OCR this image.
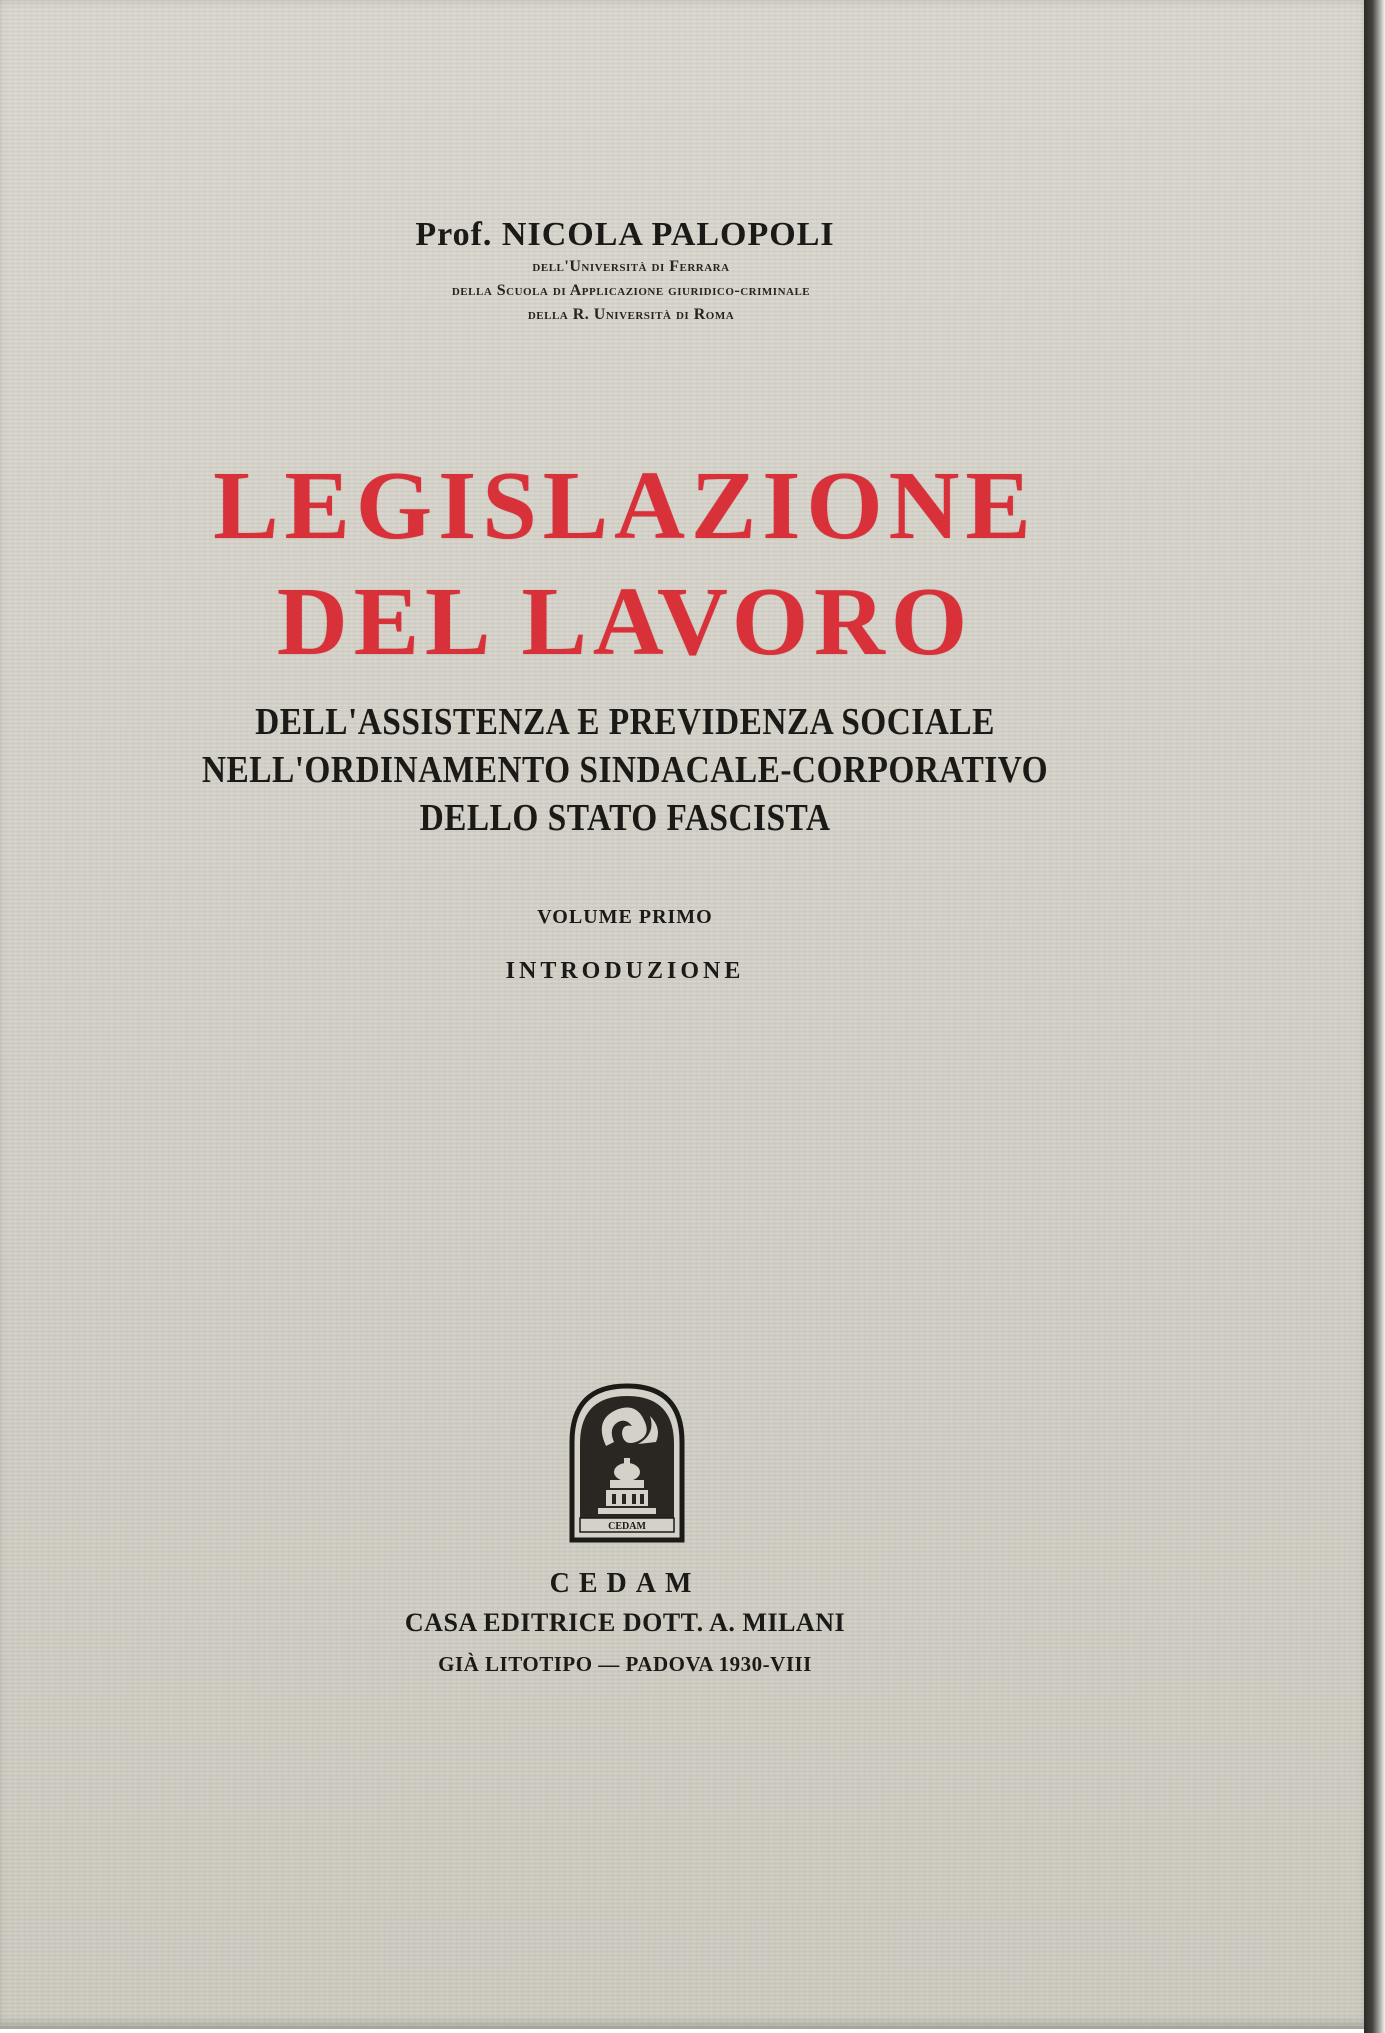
Prof. NICOLA PALOPOLI
dell'Università di Ferrara
della Scuola di Applicazione giuridico-criminale
della R. Università di Roma
LEGISLAZIONE
DEL LAVORO
DELL'ASSISTENZA E PREVIDENZA SOCIALE
NELL'ORDINAMENTO SINDACALE-CORPORATIVO
DELLO STATO FASCISTA
VOLUME PRIMO
INTRODUZIONE
CEDAM
CEDAM
CASA EDITRICE DOTT. A. MILANI
GIÀ LITOTIPO — PADOVA 1930-VIII
